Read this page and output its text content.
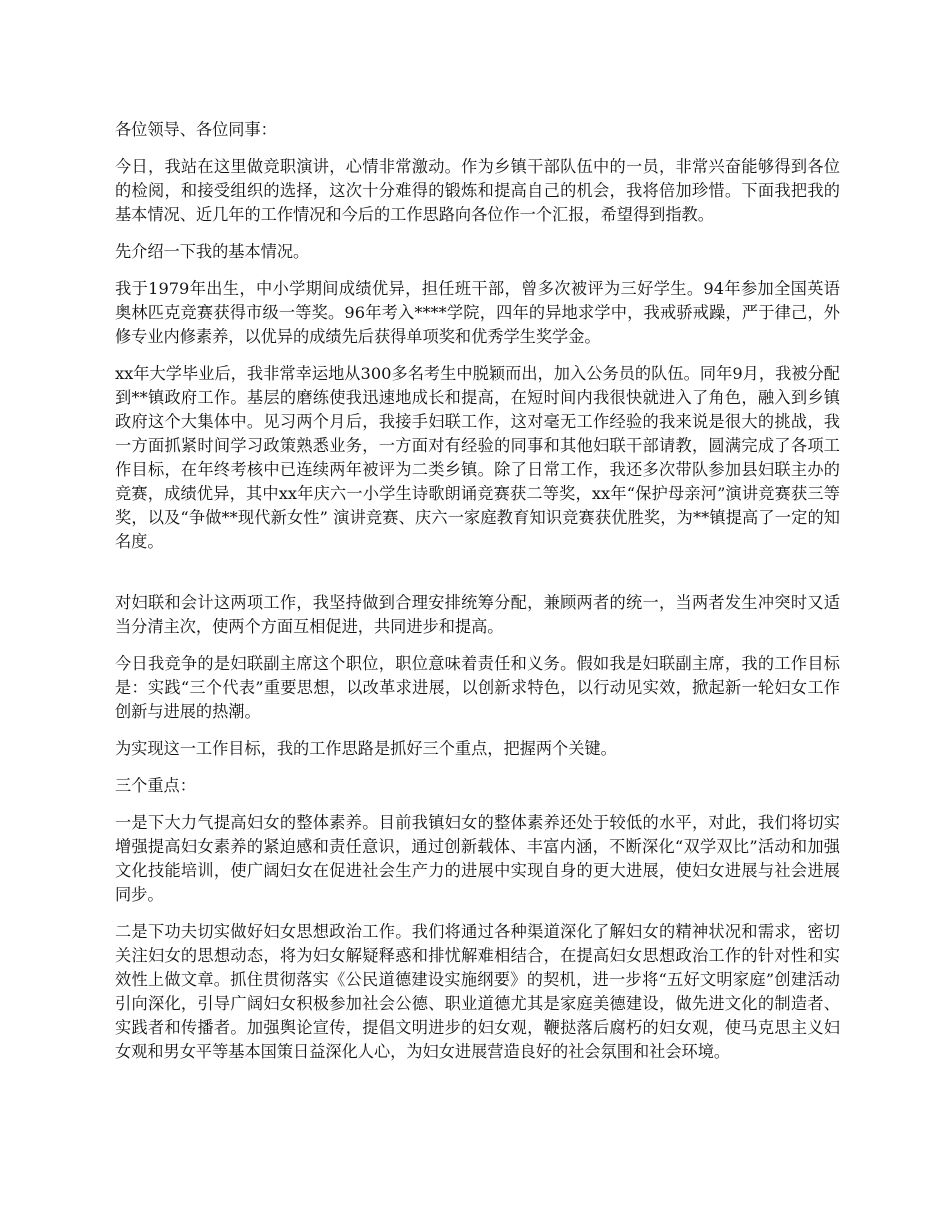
各位领导、各位同事：

今日，我站在这里做竞职演讲，心情非常激动。作为乡镇干部队伍中的一员，非常兴奋能够得到各位的检阅，和接受组织的选择，这次十分难得的锻炼和提高自己的机会，我将倍加珍惜。下面我把我的基本情况、近几年的工作情况和今后的工作思路向各位作一个汇报，希望得到指教。

先介绍一下我的基本情况。

我于1979年出生，中小学期间成绩优异，担任班干部，曾多次被评为三好学生。94年参加全国英语奥林匹克竞赛获得市级一等奖。96年考入****学院，四年的异地求学中，我戒骄戒躁，严于律己，外修专业内修素养，以优异的成绩先后获得单项奖和优秀学生奖学金。

xx年大学毕业后，我非常幸运地从300多名考生中脱颖而出，加入公务员的队伍。同年9月，我被分配到**镇政府工作。基层的磨练使我迅速地成长和提高，在短时间内我很快就进入了角色，融入到乡镇政府这个大集体中。见习两个月后，我接手妇联工作，这对毫无工作经验的我来说是很大的挑战，我一方面抓紧时间学习政策熟悉业务，一方面对有经验的同事和其他妇联干部请教，圆满完成了各项工作目标，在年终考核中已连续两年被评为二类乡镇。除了日常工作，我还多次带队参加县妇联主办的竞赛，成绩优异，其中xx年庆六一小学生诗歌朗诵竞赛获二等奖，xx年“保护母亲河”演讲竞赛获三等奖，以及“争做**现代新女性” 演讲竞赛、庆六一家庭教育知识竞赛获优胜奖，为**镇提高了一定的知名度。

对妇联和会计这两项工作，我坚持做到合理安排统筹分配，兼顾两者的统一，当两者发生冲突时又适当分清主次，使两个方面互相促进，共同进步和提高。

今日我竞争的是妇联副主席这个职位，职位意味着责任和义务。假如我是妇联副主席，我的工作目标是：实践“三个代表”重要思想，以改革求进展，以创新求特色，以行动见实效，掀起新一轮妇女工作创新与进展的热潮。

为实现这一工作目标，我的工作思路是抓好三个重点，把握两个关键。

三个重点：

一是下大力气提高妇女的整体素养。目前我镇妇女的整体素养还处于较低的水平，对此，我们将切实增强提高妇女素养的紧迫感和责任意识，通过创新载体、丰富内涵，不断深化“双学双比”活动和加强文化技能培训，使广阔妇女在促进社会生产力的进展中实现自身的更大进展，使妇女进展与社会进展同步。

二是下功夫切实做好妇女思想政治工作。我们将通过各种渠道深化了解妇女的精神状况和需求，密切关注妇女的思想动态，将为妇女解疑释惑和排忧解难相结合，在提高妇女思想政治工作的针对性和实效性上做文章。抓住贯彻落实《公民道德建设实施纲要》的契机，进一步将“五好文明家庭”创建活动引向深化，引导广阔妇女积极参加社会公德、职业道德尤其是家庭美德建设，做先进文化的制造者、实践者和传播者。加强舆论宣传，提倡文明进步的妇女观，鞭挞落后腐朽的妇女观，使马克思主义妇女观和男女平等基本国策日益深化人心，为妇女进展营造良好的社会氛围和社会环境。
